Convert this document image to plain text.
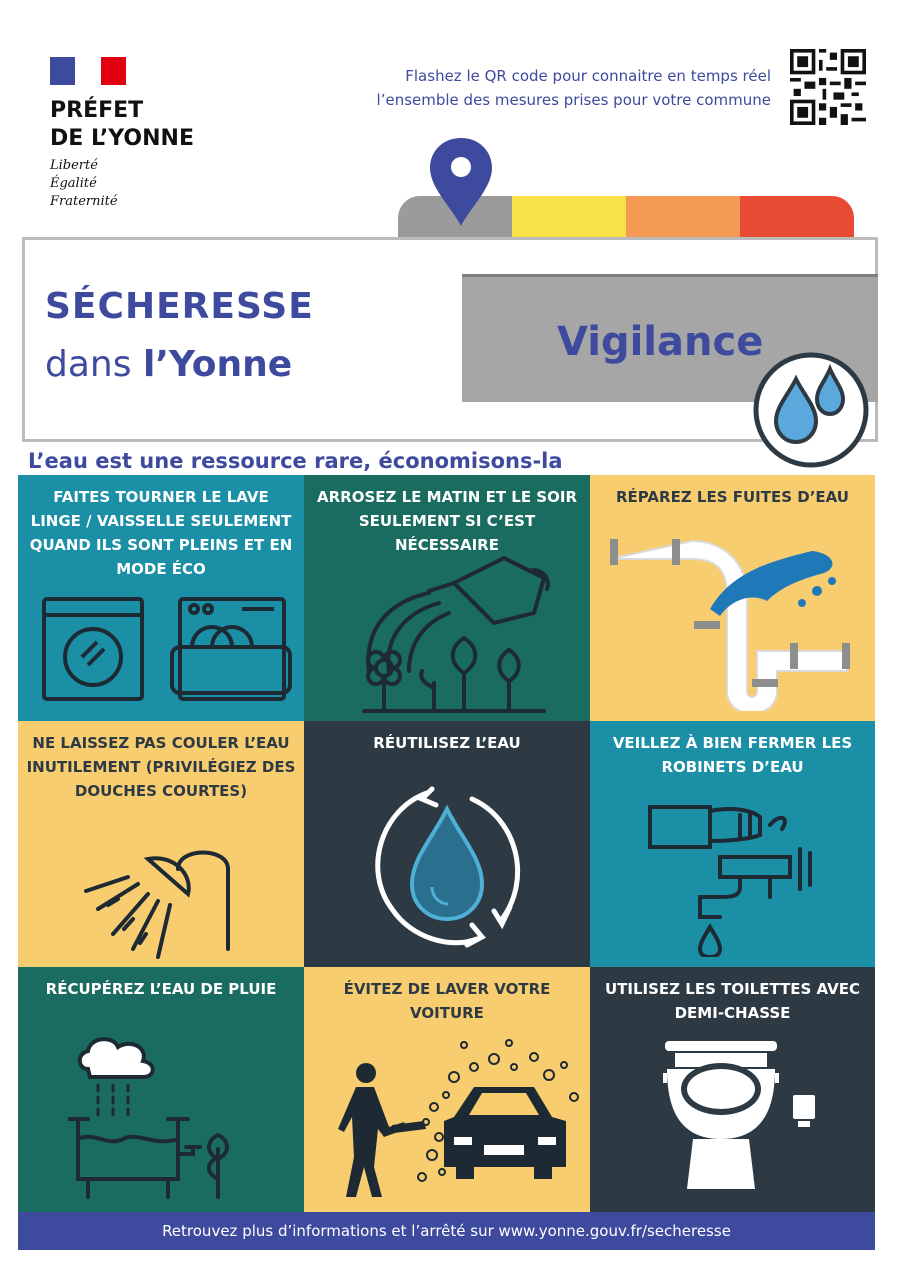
PRÉFET
DE L’YONNE
Liberté
Égalité
Fraternité
Flashez le QR code pour connaitre en temps réel
l’ensemble des mesures prises pour votre commune
SÉCHERESSE
dans l’Yonne	Vigilance
L’eau est une ressource rare, économisons-la
FAITES TOURNER LE LAVE LINGE / VAISSELLE SEULEMENT QUAND ILS SONT PLEINS ET EN MODE ÉCO
ARROSEZ LE MATIN ET LE SOIR SEULEMENT SI C’EST NÉCESSAIRE
RÉPAREZ LES FUITES D’EAU
NE LAISSEZ PAS COULER L’EAU INUTILEMENT (PRIVILÉGIEZ DES DOUCHES COURTES)
RÉUTILISEZ L’EAU	VEILLEZ À BIEN FERMER LES ROBINETS D’EAU
RÉCUPÉREZ L’EAU DE PLUIE	ÉVITEZ DE LAVER VOTRE VOITURE
UTILISEZ LES TOILETTES AVEC DEMI-CHASSE
Retrouvez plus d’informations et l’arrêté sur www.yonne.gouv.fr/secheresse
